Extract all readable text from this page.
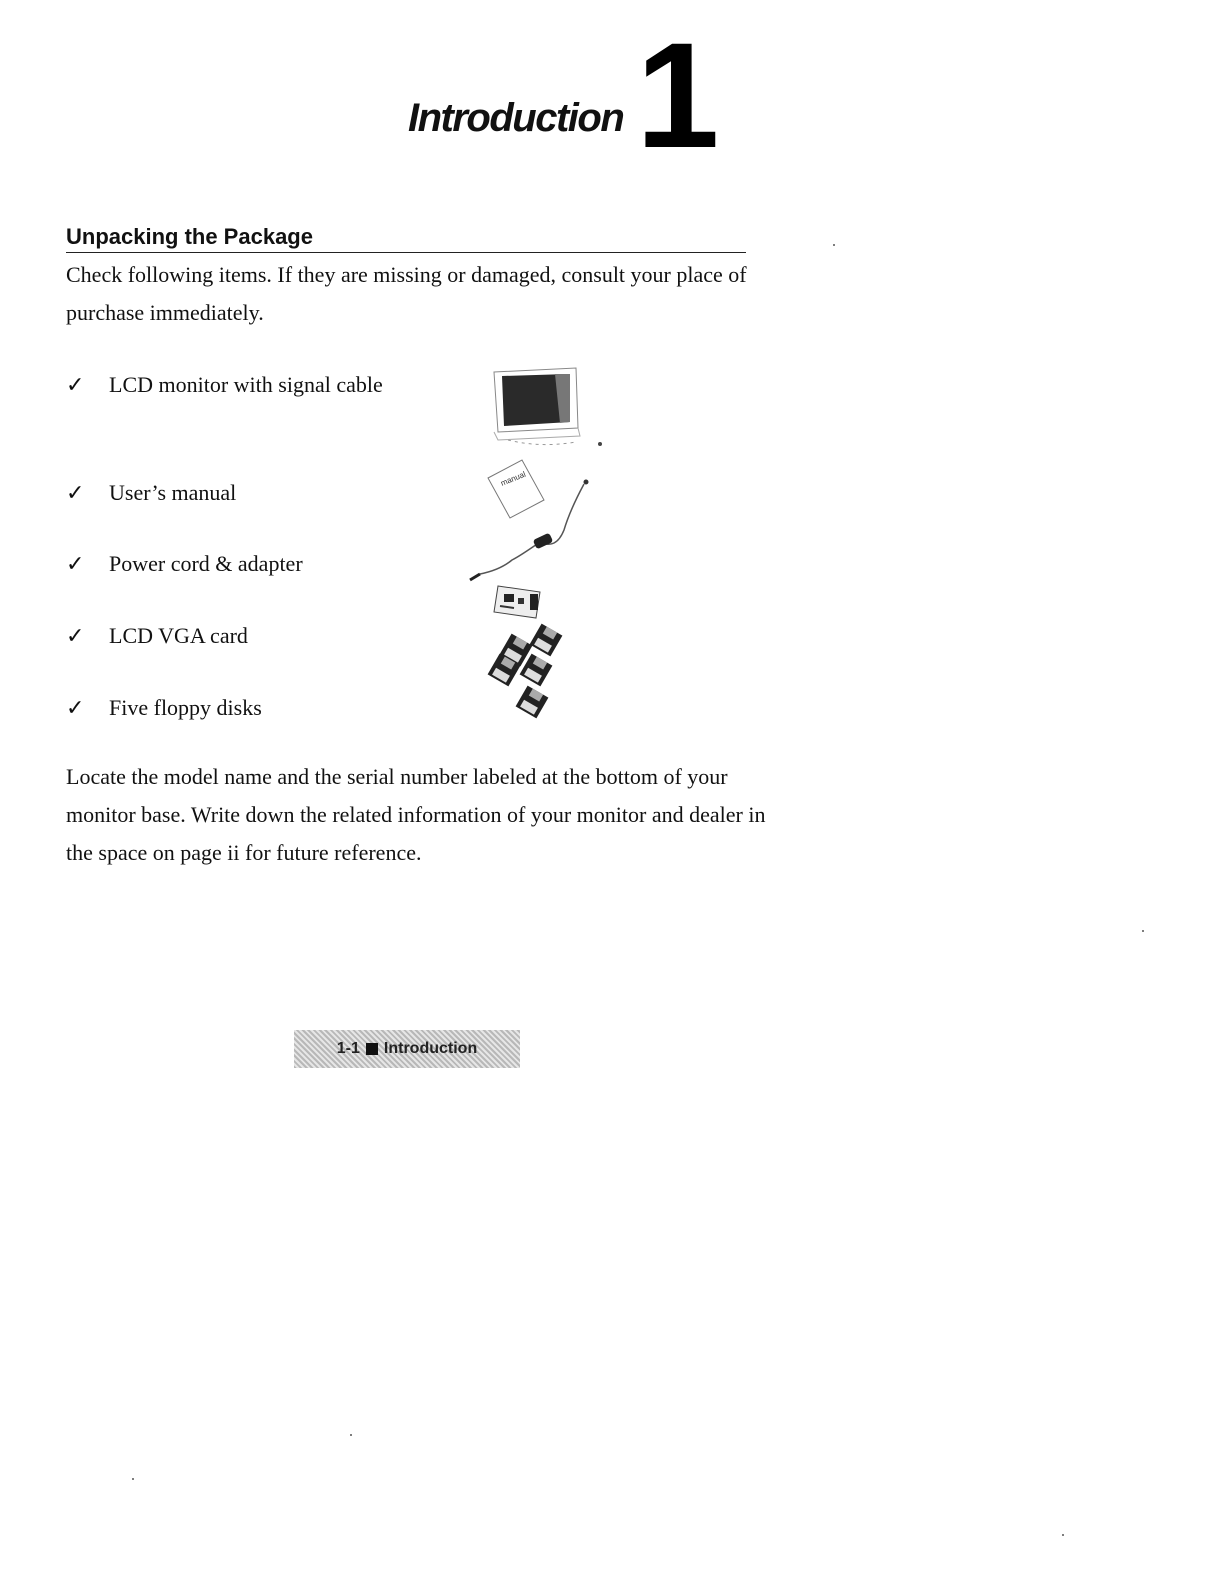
Introduction 1
Unpacking the Package

Check following items. If they are missing or damaged, consult your place of purchase immediately.

✓	LCD monitor with signal cable
✓	User’s manual
✓	Power cord & adapter
✓	LCD VGA card
✓	Five floppy disks
manual

Locate the model name and the serial number labeled at the bottom of your monitor base. Write down the related information of your monitor and dealer in the space on page ii for future reference.

1-1 Introduction
